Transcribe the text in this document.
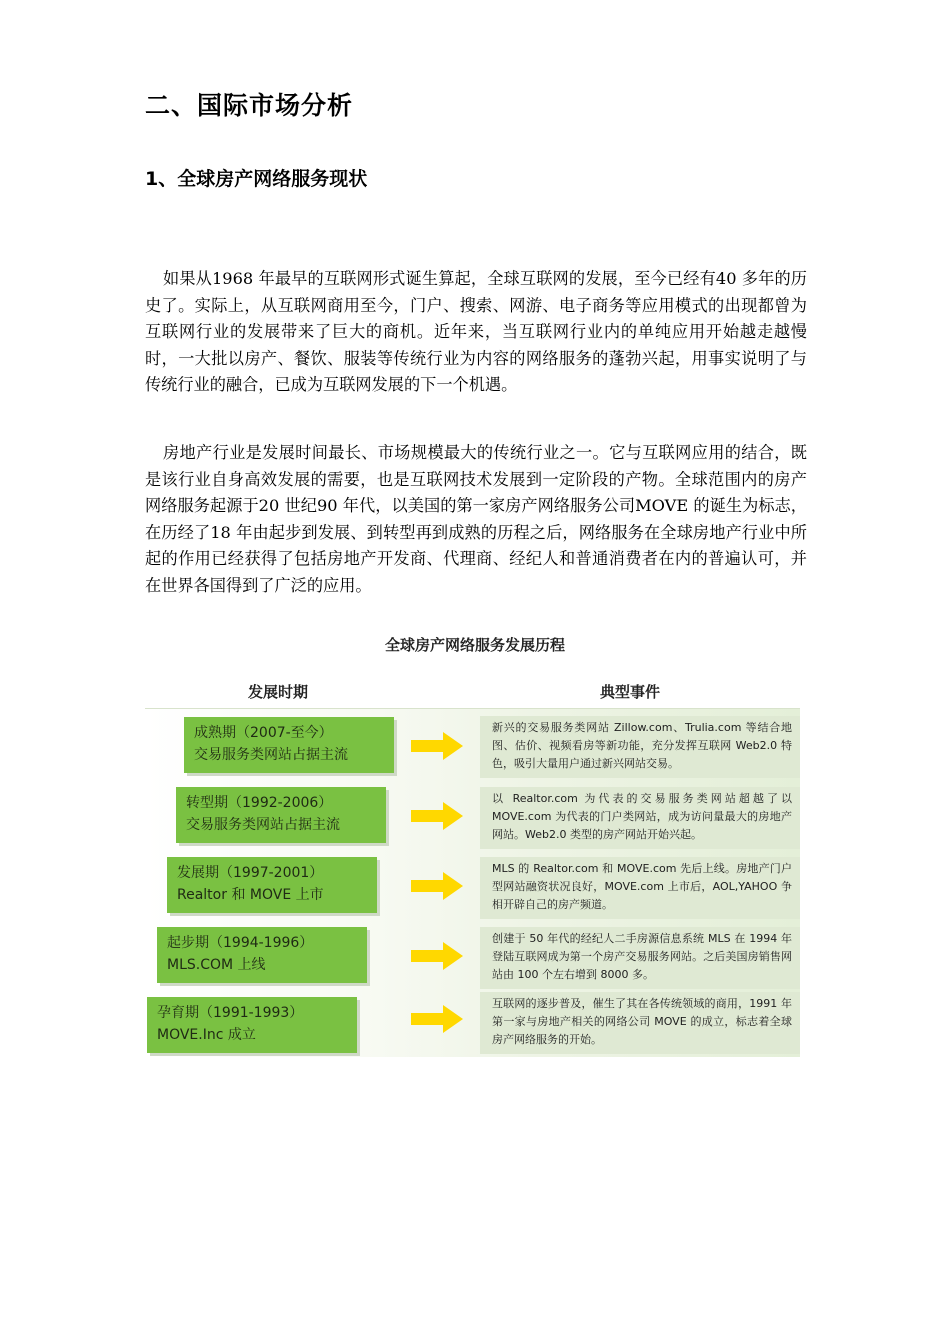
二、国际市场分析
1、全球房产网络服务现状

如果从1968 年最早的互联网形式诞生算起，全球互联网的发展，至今已经有40 多年的历史了。实际上，从互联网商用至今，门户、搜索、网游、电子商务等应用模式的出现都曾为互联网行业的发展带来了巨大的商机。近年来，当互联网行业内的单纯应用开始越走越慢时，一大批以房产、餐饮、服装等传统行业为内容的网络服务的蓬勃兴起，用事实说明了与传统行业的融合，已成为互联网发展的下一个机遇。

房地产行业是发展时间最长、市场规模最大的传统行业之一。它与互联网应用的结合，既是该行业自身高效发展的需要，也是互联网技术发展到一定阶段的产物。全球范围内的房产网络服务起源于20 世纪90 年代，以美国的第一家房产网络服务公司MOVE 的诞生为标志，在历经了18 年由起步到发展、到转型再到成熟的历程之后，网络服务在全球房地产行业中所起的作用已经获得了包括房地产开发商、代理商、经纪人和普通消费者在内的普遍认可，并在世界各国得到了广泛的应用。

全球房产网络服务发展历程
发展时期	典型事件
成熟期（2007-至今）
交易服务类网站占据主流
新兴的交易服务类网站 Zillow.com、Trulia.com 等结合地图、估价、视频看房等新功能，充分发挥互联网 Web2.0 特色，吸引大量用户通过新兴网站交易。
转型期（1992-2006）
交易服务类网站占据主流
以 Realtor.com 为代表的交易服务类网站超越了以 MOVE.com 为代表的门户类网站，成为访问量最大的房地产网站。Web2.0 类型的房产网站开始兴起。
发展期（1997-2001）
Realtor 和 MOVE 上市
MLS 的 Realtor.com 和 MOVE.com 先后上线。房地产门户型网站融资状况良好，MOVE.com 上市后，AOL,YAHOO 争相开辟自己的房产频道。
起步期（1994-1996）
MLS.COM 上线
创建于 50 年代的经纪人二手房源信息系统 MLS 在 1994 年登陆互联网成为第一个房产交易服务网站。之后美国房销售网站由 100 个左右增到 8000 多。
孕育期（1991-1993）
MOVE.Inc 成立
互联网的逐步普及，催生了其在各传统领域的商用，1991 年第一家与房地产相关的网络公司 MOVE 的成立，标志着全球房产网络服务的开始。
